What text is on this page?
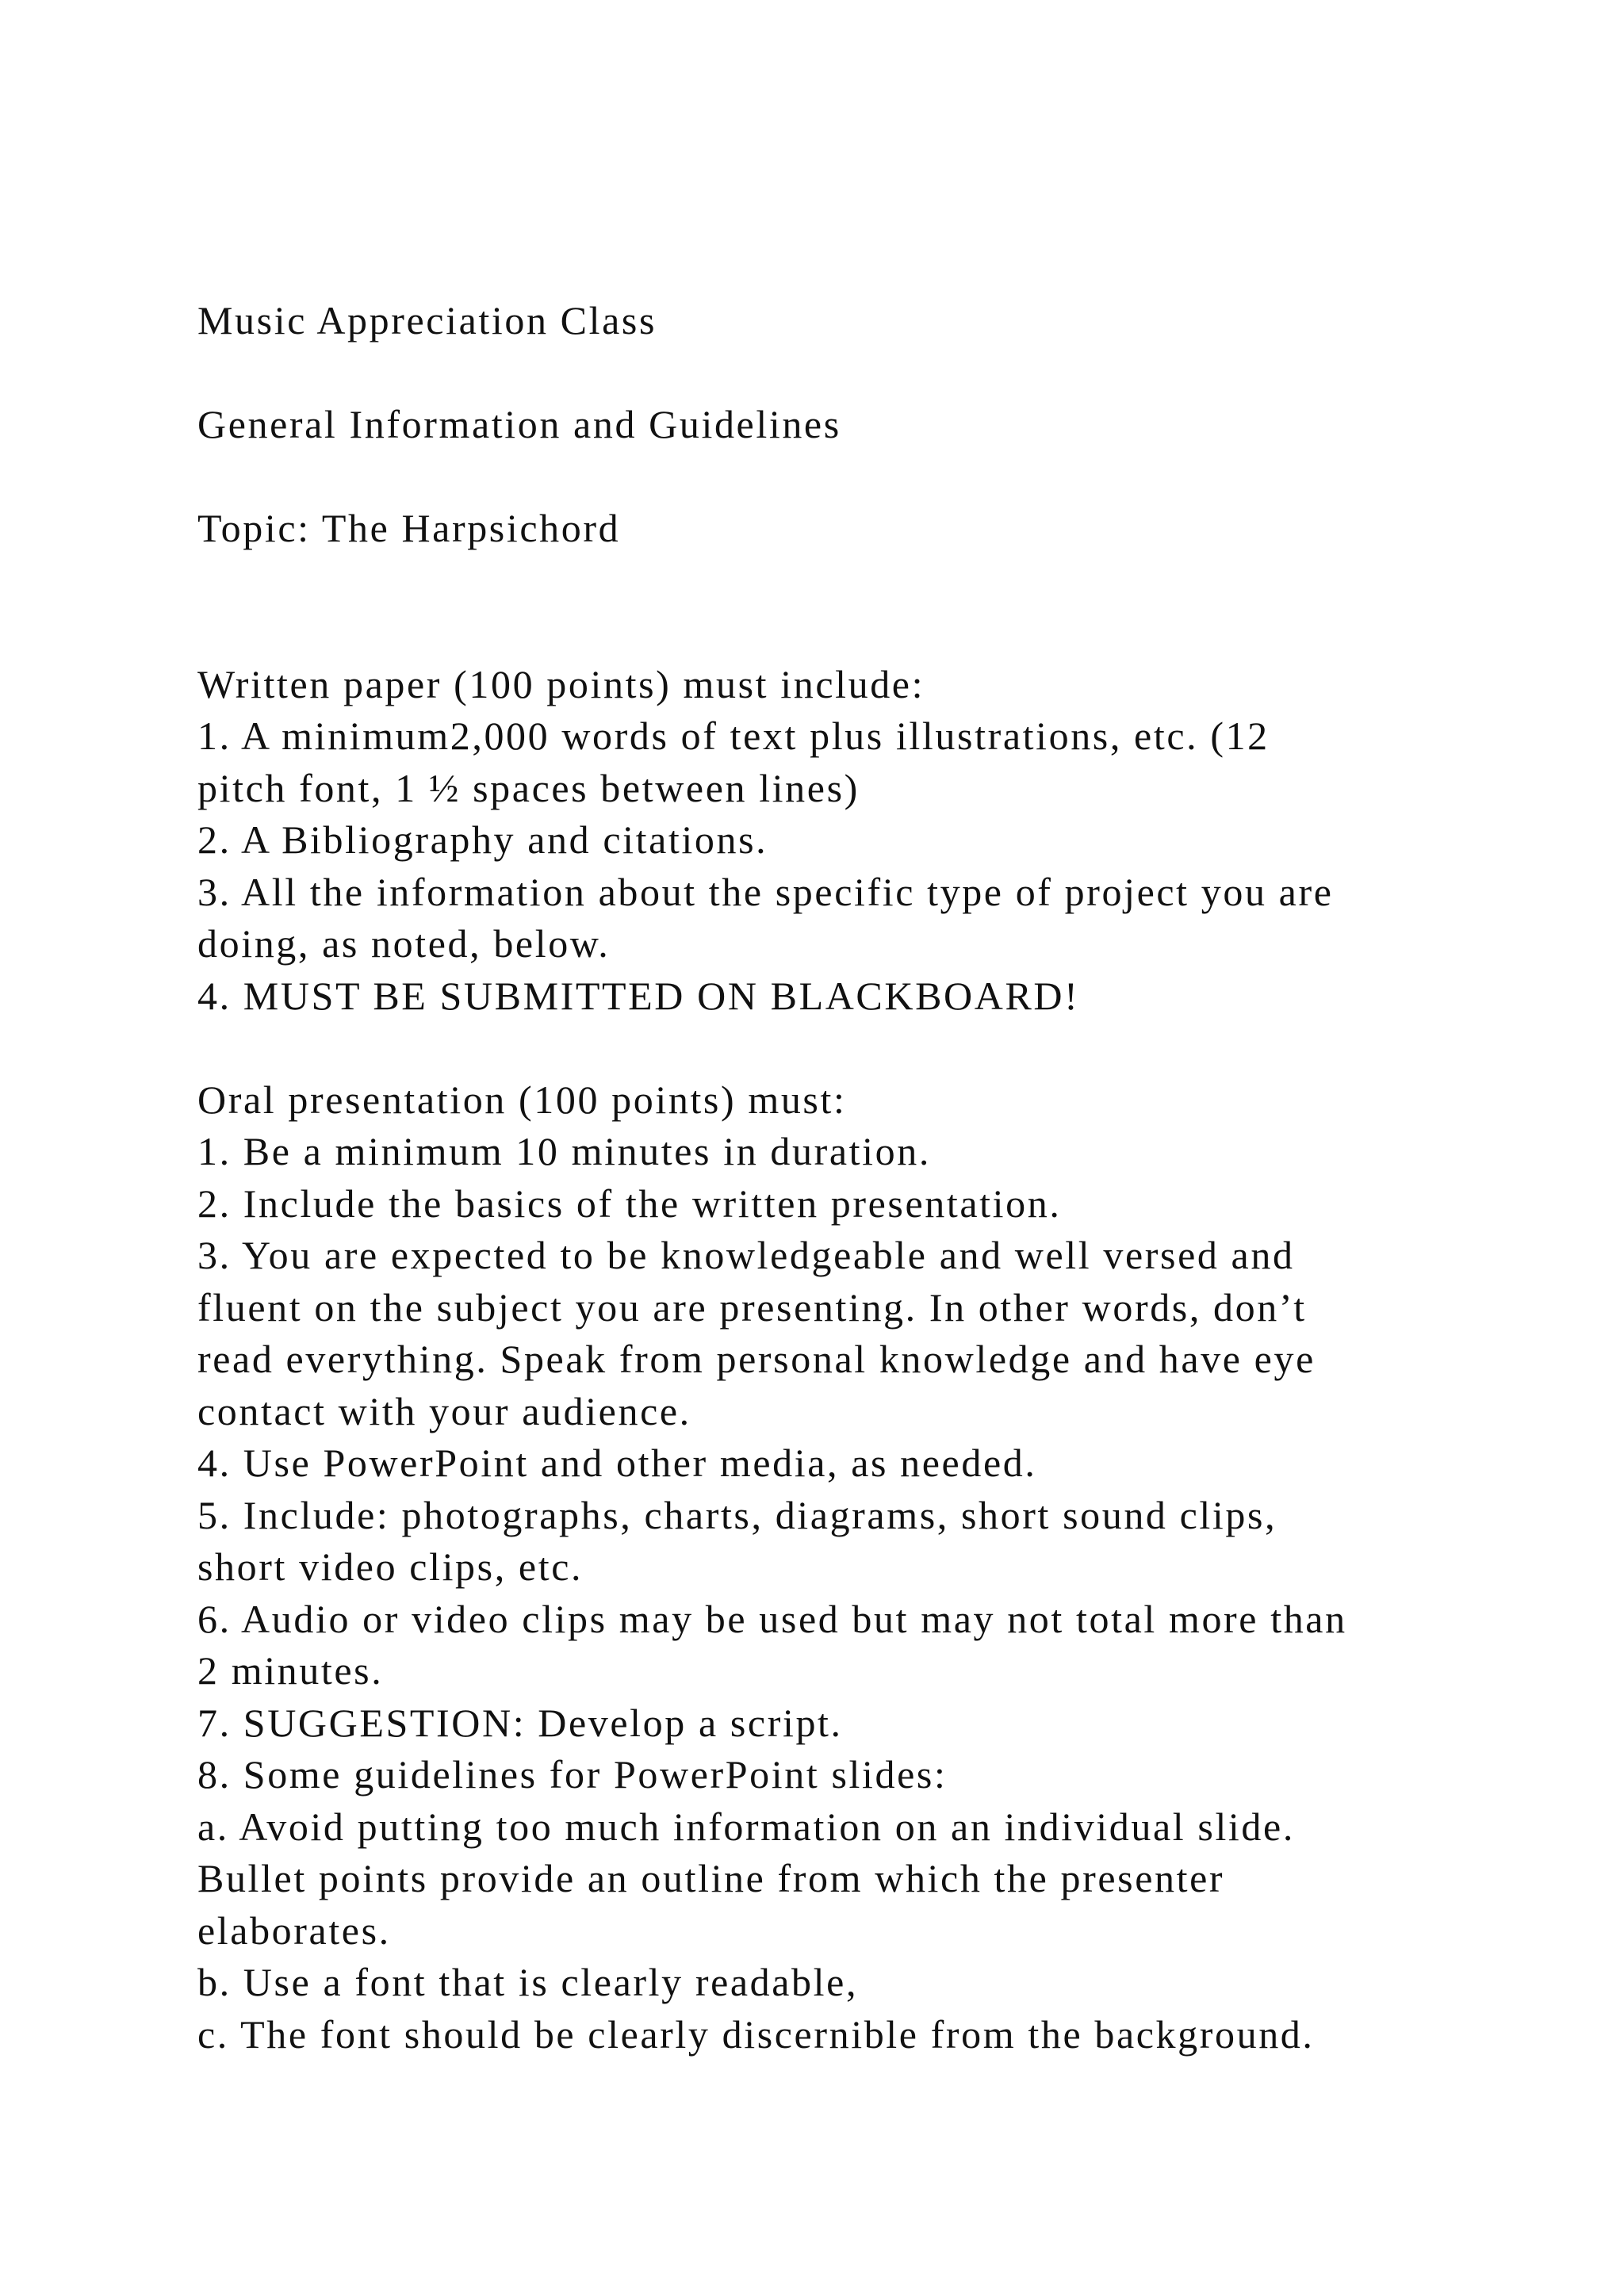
Music Appreciation Class
General Information and Guidelines
Topic: The Harpsichord
Written paper (100 points) must include:
1. A minimum2,000 words of text plus illustrations, etc. (12
pitch font, 1 ½ spaces between lines)
2. A Bibliography and citations.
3. All the information about the specific type of project you are
doing, as noted, below.
4. MUST BE SUBMITTED ON BLACKBOARD!
Oral presentation (100 points) must:
1. Be a minimum 10 minutes in duration.
2. Include the basics of the written presentation.
3. You are expected to be knowledgeable and well versed and
fluent on the subject you are presenting. In other words, don’t
read everything. Speak from personal knowledge and have eye
contact with your audience.
4. Use PowerPoint and other media, as needed.
5. Include: photographs, charts, diagrams, short sound clips,
short video clips, etc.
6. Audio or video clips may be used but may not total more than
2 minutes.
7. SUGGESTION: Develop a script.
8. Some guidelines for PowerPoint slides:
a. Avoid putting too much information on an individual slide.
Bullet points provide an outline from which the presenter
elaborates.
b. Use a font that is clearly readable,
c. The font should be clearly discernible from the background.
